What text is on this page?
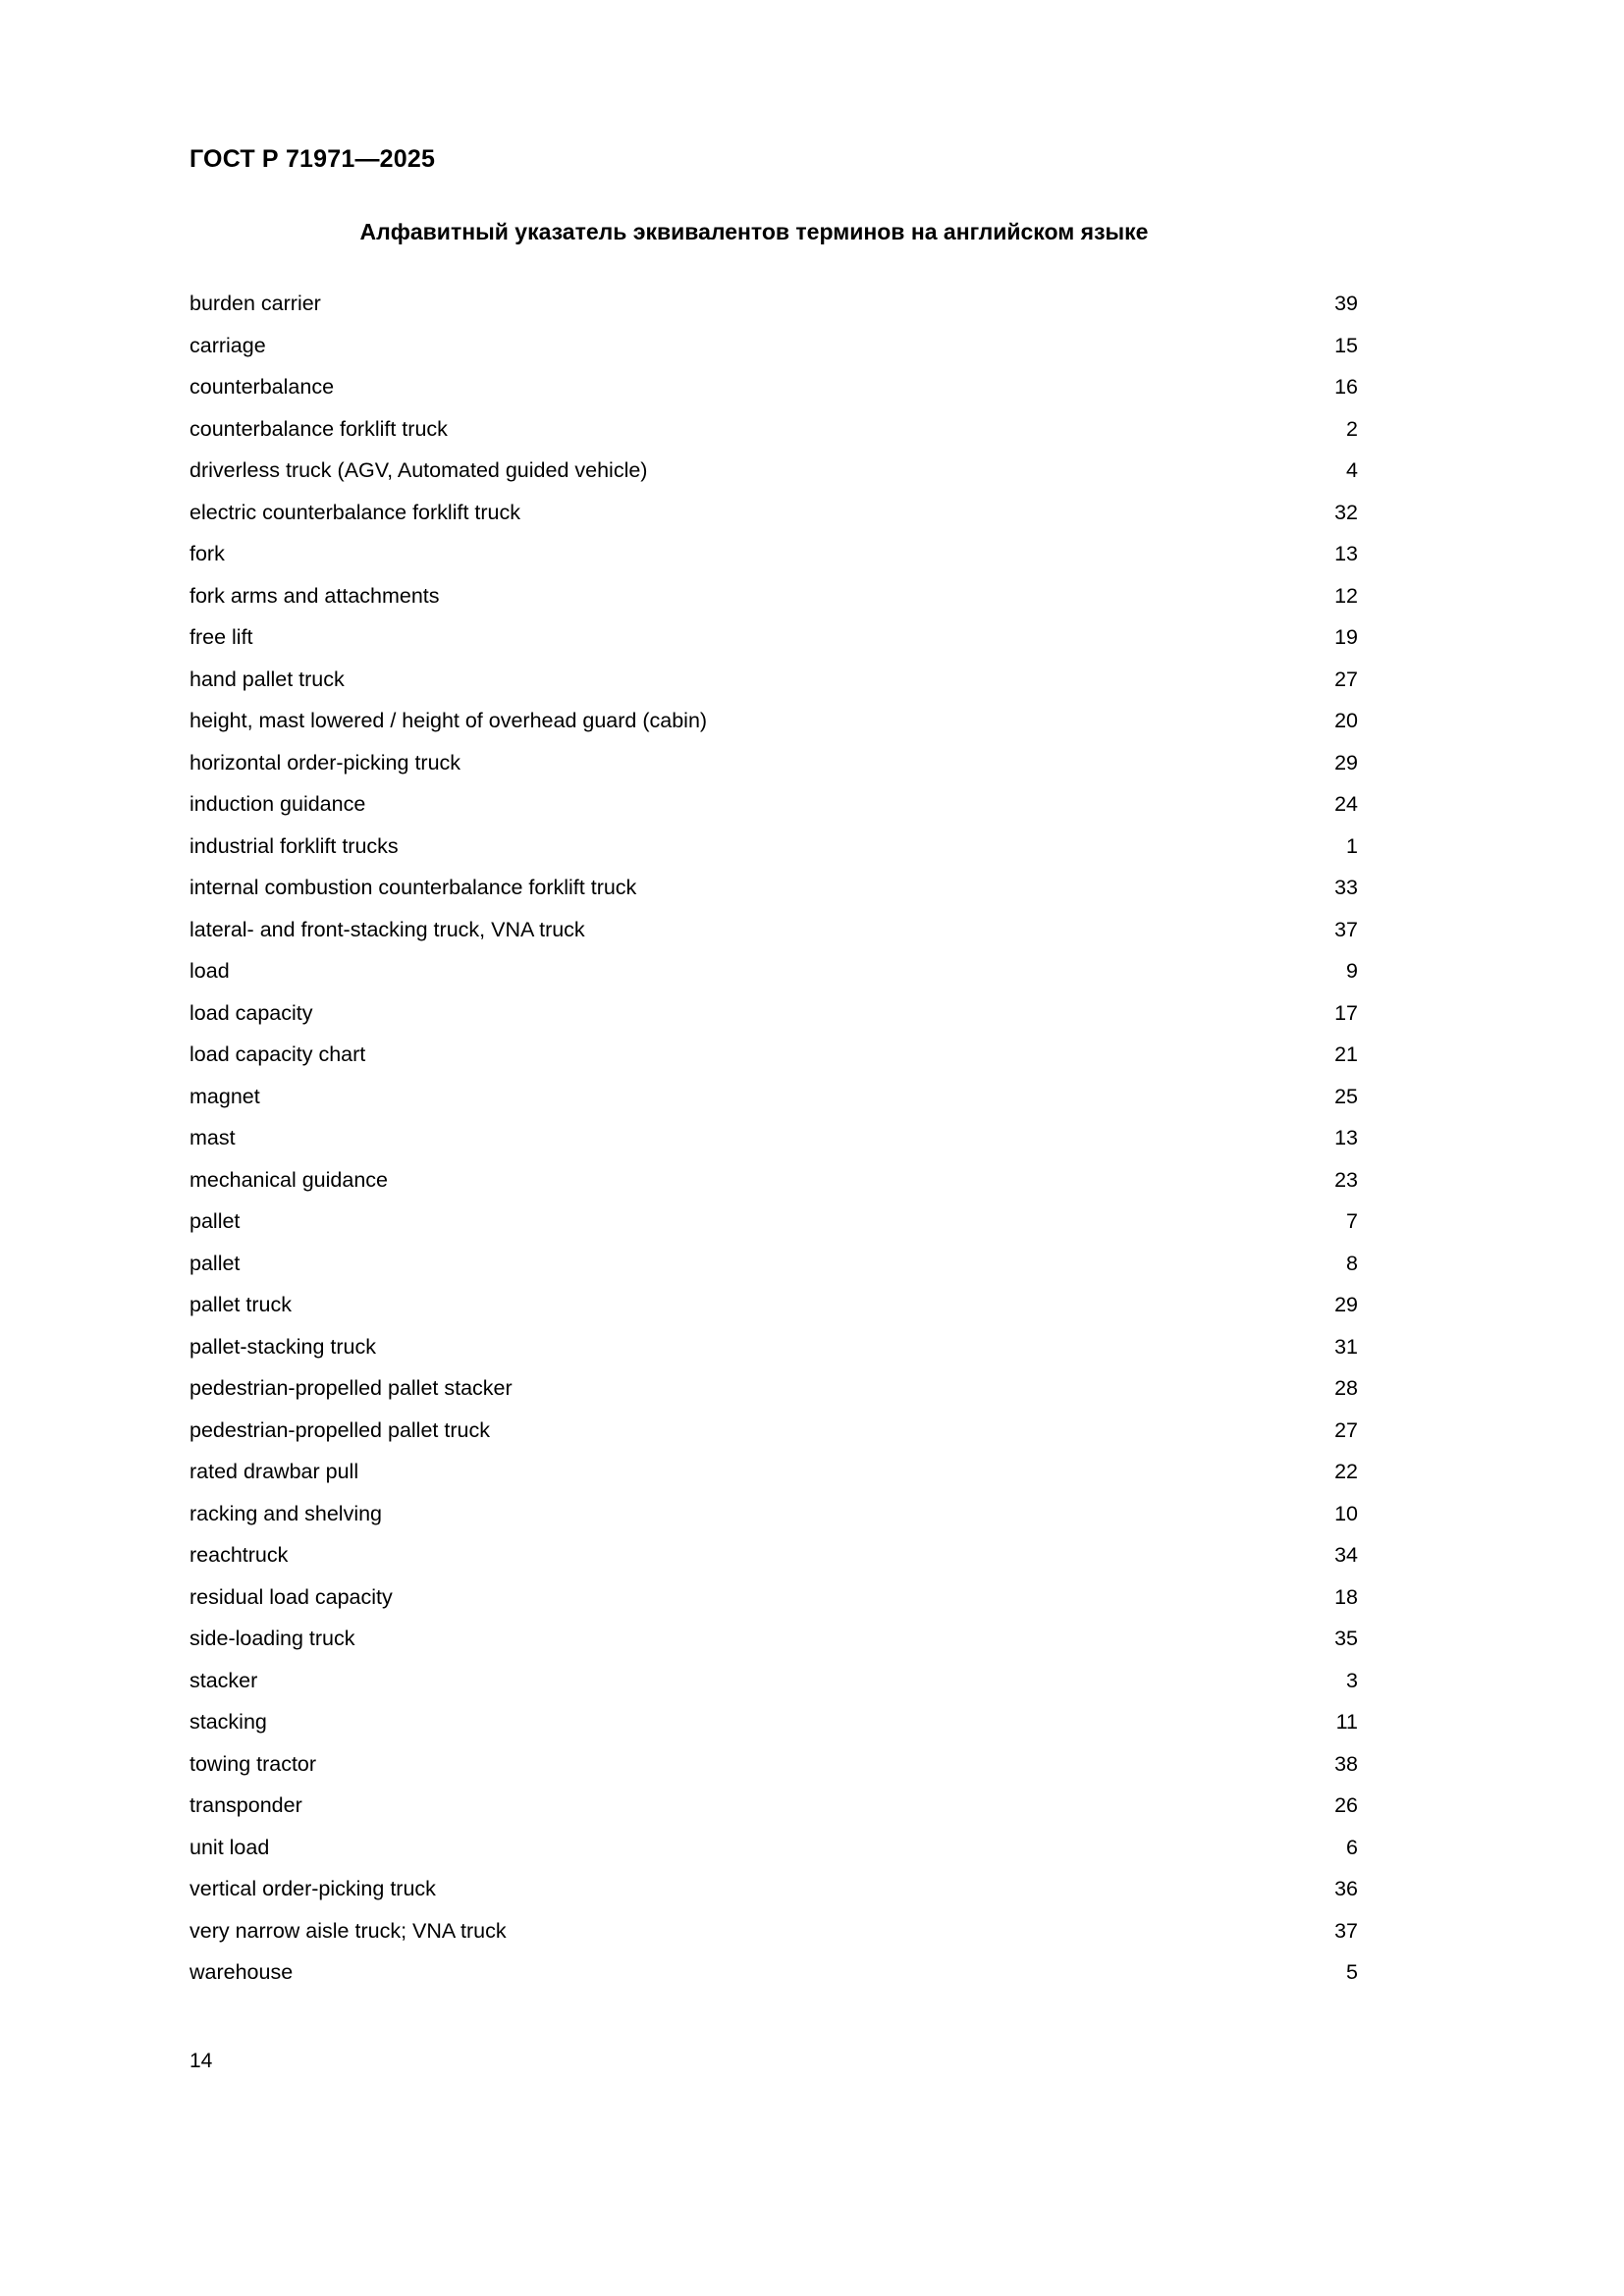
ГОСТ Р 71971—2025
Алфавитный указатель эквивалентов терминов на английском языке
burden carrier	39
carriage	15
counterbalance	16
counterbalance forklift truck	2
driverless truck (AGV, Automated guided vehicle)	4
electric counterbalance forklift truck	32
fork	13
fork arms and attachments	12
free lift	19
hand pallet truck	27
height, mast lowered / height of overhead guard (cabin)	20
horizontal order-picking truck	29
induction guidance	24
industrial forklift trucks	1
internal combustion counterbalance forklift truck	33
lateral- and front-stacking truck, VNA truck	37
load	9
load capacity	17
load capacity chart	21
magnet	25
mast	13
mechanical guidance	23
pallet	7
pallet	8
pallet truck	29
pallet-stacking truck	31
pedestrian-propelled pallet stacker	28
pedestrian-propelled pallet truck	27
rated drawbar pull	22
racking and shelving	10
reachtruck	34
residual load capacity	18
side-loading truck	35
stacker	3
stacking	11
towing tractor	38
transponder	26
unit load	6
vertical order-picking truck	36
very narrow aisle truck; VNA truck	37
warehouse	5
14
